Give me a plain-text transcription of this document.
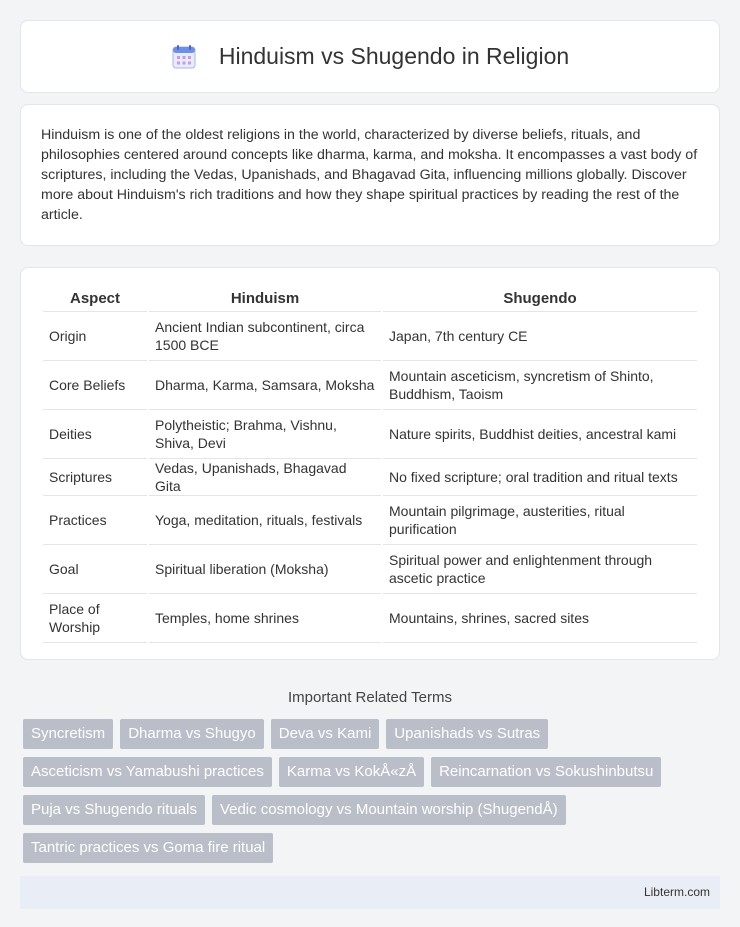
Hinduism vs Shugendo in Religion

Hinduism is one of the oldest religions in the world, characterized by diverse beliefs, rituals, and philosophies centered around concepts like dharma, karma, and moksha. It encompasses a vast body of scriptures, including the Vedas, Upanishads, and Bhagavad Gita, influencing millions globally. Discover more about Hinduism's rich traditions and how they shape spiritual practices by reading the rest of the article.

Aspect	Hinduism	Shugendo
Origin	Ancient Indian subcontinent, circa 1500 BCE	Japan, 7th century CE
Core Beliefs	Dharma, Karma, Samsara, Moksha	Mountain asceticism, syncretism of Shinto, Buddhism, Taoism
Deities	Polytheistic; Brahma, Vishnu, Shiva, Devi	Nature spirits, Buddhist deities, ancestral kami
Scriptures	Vedas, Upanishads, Bhagavad Gita	No fixed scripture; oral tradition and ritual texts
Practices	Yoga, meditation, rituals, festivals	Mountain pilgrimage, austerities, ritual purification
Goal	Spiritual liberation (Moksha)	Spiritual power and enlightenment through ascetic practice
Place of Worship	Temples, home shrines	Mountains, shrines, sacred sites
Important Related Terms
Syncretism	Dharma vs Shugyo	Deva vs Kami	Upanishads vs Sutras
Asceticism vs Yamabushi practices	Karma vs KokÅ«zÅ	Reincarnation vs Sokushinbutsu
Puja vs Shugendo rituals	Vedic cosmology vs Mountain worship (ShugendÅ)
Tantric practices vs Goma fire ritual
Libterm.com
